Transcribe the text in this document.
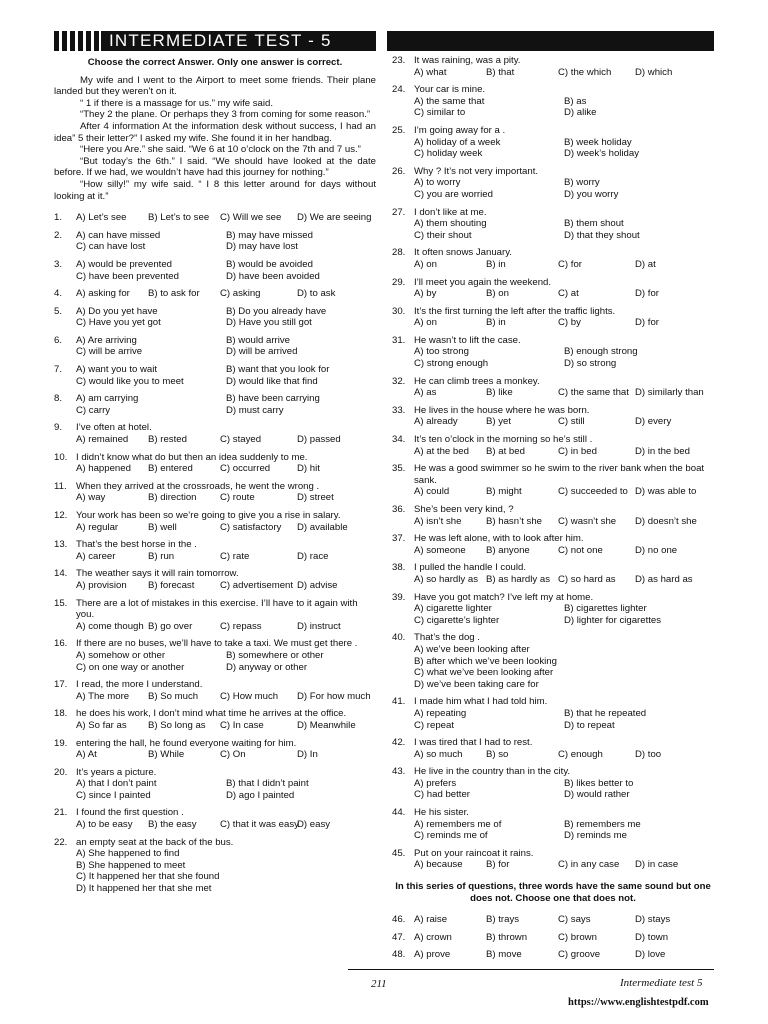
INTERMEDIATE TEST - 5
Choose the correct Answer. Only one answer is correct.

My wife and I went to the Airport to meet some friends. Their plane landed but they weren’t on it.

“ 1 if there is a massage for us.” my wife said.

“They 2 the plane. Or perhaps they 3 from coming for some reason.”

After 4 information At the information desk without success, I had an idea” 5 their letter?” I asked my wife. She found it in her handbag.

“Here you Are.” she said. “We 6 at 10 o’clock on the 7th and 7 us.”

“But today’s the 6th.” I said. “We should have looked at the date before. If we had, we wouldn’t have had this journey for nothing.”

“How silly!” my wife said. “ I 8 this letter around for days without looking at it.”

1. A) Let’s see	B) Let’s to see	C) Will we see	D) We are seeing
2. A) can have missed	B) may have missed
C) can have lost	D) may have lost
3. A) would be prevented	B) would be avoided
C) have been prevented	D) have been avoided
4. A) asking for	B) to ask for	C) asking	D) to ask
5. A) Do you yet have	B) Do you already have
C) Have you yet got	D) Have you still got
6. A) Are arriving	B) would arrive
C) will be arrive	D) will be arrived
7. A) want you to wait	B) want that you look for
C) would like you to meet	D) would like that find
8. A) am carrying	B) have been carrying
C) carry	D) must carry
9. I’ve often at hotel.
A) remained	B) rested	C) stayed	D) passed
10. I didn’t know what do but then an idea suddenly to me.
A) happened	B) entered	C) occurred	D) hit
11. When they arrived at the crossroads, he went the wrong .
A) way	B) direction	C) route	D) street
12. Your work has been so we’re going to give you a rise in salary.
A) regular	B) well	C) satisfactory	D) available
13. That’s the best horse in the .
A) career	B) run	C) rate	D) race
14. The weather says it will rain tomorrow.
A) provision	B) forecast	C) advertisement D) advise
15. There are a lot of mistakes in this exercise. I’ll have to it again with you.
A) come though B) go over	C) repass	D) instruct
16. If there are no buses, we’ll have to take a taxi. We must get there .
A) somehow or other	B) somewhere or other
C) on one way or another	D) anyway or other
17. I read, the more I understand.
A) The more	B) So much	C) How much	D) For how much
18. he does his work, I don’t mind what time he arrives at the office.
A) So far as	B) So long as	C) In case	D) Meanwhile
19. entering the hall, he found everyone waiting for him.
A) At	B) While	C) On	D) In
20. It’s years a picture.
A) that I don’t paint	B) that I didn’t paint
C) since I painted	D) ago I painted
21. I found the first question .
A) to be easy	B) the easy	C) that it was easy
D) easy
22. an empty seat at the back of the bus.
A) She happened to find
B) She happened to meet
C) It happened her that she found
D) It happened her that she met
23. It was raining, was a pity.
A) what	B) that	C) the which	D) which
24. Your car is mine.
A) the same that	B) as
C) similar to	D) alike
25. I’m going away for a .
A) holiday of a week	B) week holiday
C) holiday week	D) week’s holiday
26. Why ? It’s not very important.
A) to worry	B) worry
C) you are worried	D) you worry
27. I don’t like at me.
A) them shouting	B) them shout
C) their shout	D) that they shout
28. It often snows January.
A) on	B) in	C) for	D) at
29. I’ll meet you again the weekend.
A) by	B) on	C) at	D) for
30. It’s the first turning the left after the traffic lights.
A) on	B) in	C) by	D) for
31. He wasn’t to lift the case.
A) too strong	B) enough strong
C) strong enough	D) so strong
32. He can climb trees a monkey.
A) as	B) like	C) the same that D) similarly than
33. He lives in the house where he was born.
A) already	B) yet	C) still	D) every
34. It’s ten o’clock in the morning so he’s still .
A) at the bed	B) at bed	C) in bed	D) in the bed
35. He was a good swimmer so he swim to the river bank when the boat sank.
A) could	B) might	C) succeeded to D) was able to
36. She’s been very kind, ?
A) isn’t she	B) hasn’t she	C) wasn’t she	D) doesn’t she
37. He was left alone, with to look after him.
A) someone	B) anyone	C) not one	D) no one
38. I pulled the handle I could.
A) so hardly as B) as hardly as C) so hard as	D) as hard as
39. Have you got match? I’ve left my at home.
A) cigarette lighter	B) cigarettes lighter
C) cigarette’s lighter	D) lighter for cigarettes
40. That’s the dog .
A) we’ve been looking after
B) after which we’ve been looking
C) what we’ve been looking after
D) we’ve been taking care for
41. I made him what I had told him.
A) repeating	B) that he repeated
C) repeat	D) to repeat
42. I was tired that I had to rest.
A) so much	B) so	C) enough	D) too
43. He live in the country than in the city.
A) prefers	B) likes better to
C) had better	D) would rather
44. He his sister.
A) remembers me of	B) remembers me
C) reminds me of	D) reminds me
45. Put on your raincoat it rains.
A) because	B) for	C) in any case	D) in case
In this series of questions, three words have the same sound but one does not. Choose one that does not.
46. A) raise	B) trays	C) says	D) stays
47. A) crown	B) thrown	C) brown	D) town
48. A) prove	B) move	C) groove	D) love
211	Intermediate test 5
https://www.englishtestpdf.com
